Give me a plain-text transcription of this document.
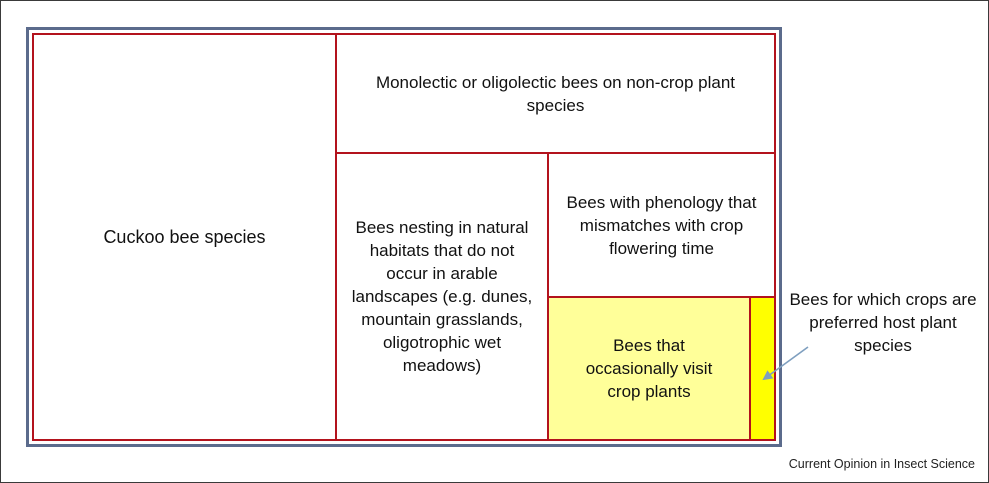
Cuckoo bee species
Monolectic or oligolectic bees on non-crop plant species
Bees nesting in natural habitats that do not occur in arable landscapes (e.g. dunes, mountain grasslands, oligotrophic wet meadows)
Bees with phenology that mismatches with crop flowering time
Bees that occasionally visit crop plants
Bees for which crops are preferred host plant species
Current Opinion in Insect Science
